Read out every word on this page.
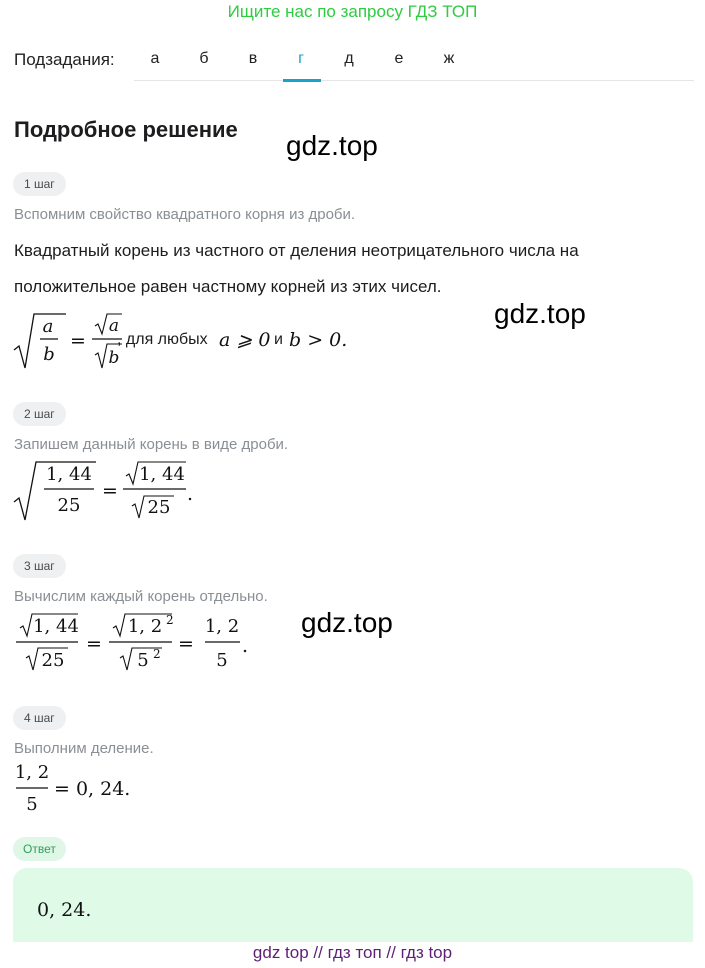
Ищите нас по запросу ГДЗ ТОП
Подзадания:	а	б	в	г	д	е	ж
Подробное решение
gdz.top
gdz.top
gdz.top
1 шаг
Вспомним свойство квадратного корня из дроби.
Квадратный корень из частного от деления неотрицательного числа на
положительное равен частному корней из этих чисел.
a
b
=
a
b
, для любых a ⩾ 0 и b > 0.
2 шаг
Запишем данный корень в виде дроби.
1, 44
25
=
1, 44
25
.
3 шаг
Вычислим каждый корень отдельно.
1, 44
25
=
1, 2 2
5 2 =
1, 2
5
.
4 шаг
Выполним деление.
1, 2
5
= 0, 24.
Ответ
0, 24.
gdz top // гдз топ // гдз top
